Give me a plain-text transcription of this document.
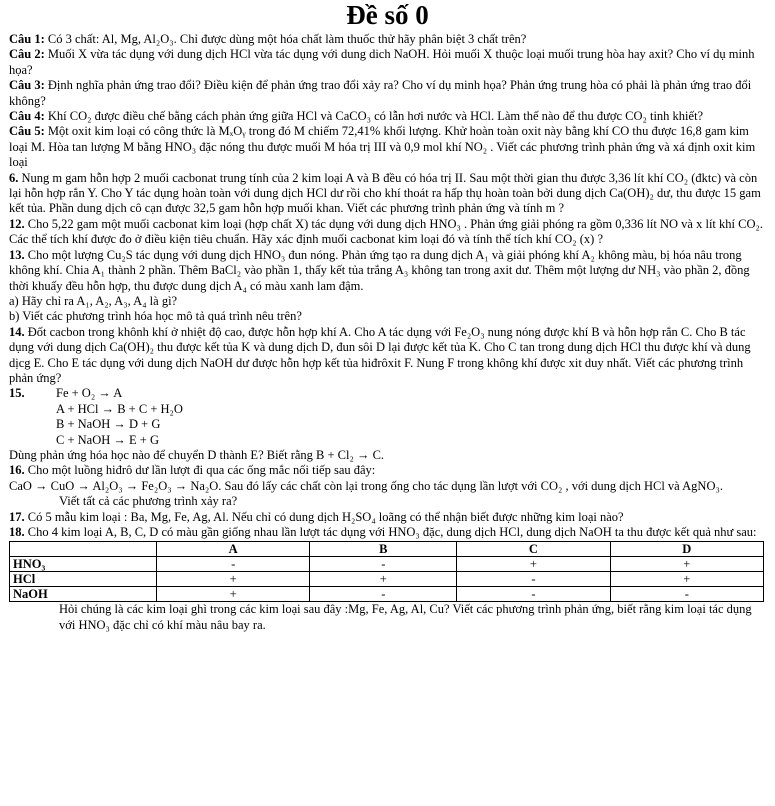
Đề số 0

Câu 1: Có 3 chất: Al, Mg, Al₂O₃. Chỉ được dùng một hóa chất làm thuốc thử hãy phân biệt 3 chất trên?

Câu 2: Muối X vừa tác dụng với dung dịch HCl vừa tác dụng với dung dich NaOH. Hỏi muối X thuộc loại muối trung hòa hay axit? Cho ví dụ minh họa?

Câu 3: Định nghĩa phản ứng trao đổi? Điều kiện để phản ứng trao đổi xảy ra? Cho ví dụ minh họa? Phản ứng trung hòa có phải là phản ứng trao đổi không?

Câu 4: Khí CO₂ được điều chế bằng cách phản ứng giữa HCl và CaCO₃ có lẫn hơi nước và HCl. Làm thế nào để thu được CO₂ tinh khiết?

Câu 5: Một oxit kim loại có công thức là MₓOᵧ trong đó M chiếm 72,41% khối lượng. Khử hoàn toàn oxit này bằng khí CO thu được 16,8 gam kim loại M. Hòa tan lượng M bằng HNO₃ đặc nóng thu được muối M hóa trị III và 0,9 mol khí NO₂ . Viết các phương trình phản ứng và xá định oxit kim loại

6. Nung m gam hỗn hợp 2 muối cacbonat trung tính của 2 kim loại A và B đều có hóa trị II. Sau một thời gian thu được 3,36 lít khí CO₂ (đktc) và còn lại hỗn hợp rắn Y. Cho Y tác dụng hoàn toàn với dung dịch HCl dư rồi cho khí thoát ra hấp thụ hoàn toàn bởi dung dịch Ca(OH)₂ dư, thu được 15 gam kết tủa. Phần dung dịch cô cạn được 32,5 gam hỗn hợp muối khan. Viết các phương trình phản ứng và tính m ?

12. Cho 5,22 gam một muối cacbonat kim loại (hợp chất X) tác dụng với dung dịch HNO₃ . Phản ứng giải phóng ra gồm 0,336 lít NO và x lít khí CO₂. Các thể tích khí được đo ở điều kiện tiêu chuẩn. Hãy xác định muối cacbonat kim loại đó và tính thể tích khí CO₂ (x) ?

13. Cho một lượng Cu₂S tác dụng với dung dịch HNO₃ đun nóng. Phản ứng tạo ra dung dịch A₁ và giải phóng khí A₂ không màu, bị hóa nâu trong không khí. Chia A₁ thành 2 phần. Thêm BaCl₂ vào phần 1, thấy kết tủa trắng A₃ không tan trong axit dư. Thêm một lượng dư NH₃ vào phần 2, đồng thời khuấy đều hỗn hợp, thu được dung dịch A₄ có màu xanh lam đậm.

a) Hãy chỉ ra A₁, A₂, A₃, A₄ là gì?

b) Viết các phương trình hóa học mô tả quá trình nêu trên?

14. Đốt cacbon trong khônh khí ở nhiệt độ cao, được hỗn hợp khí A. Cho A tác dụng với Fe₂O₃ nung nóng được khí B và hỗn hợp rắn C. Cho B tác dụng với dung dịch Ca(OH)₂ thu được kết tủa K và dung dịch D, đun sôi D lại được kết tủa K. Cho C tan trong dung dịch HCl thu được khí và dung dịcg E. Cho E tác dụng với dung dịch NaOH dư được hỗn hợp kết tủa hiđrôxit F. Nung F trong không khí được xit duy nhất. Viết các phương trình phản ứng?

15.	Fe + O₂ → A

A + HCl → B + C + H₂O

B + NaOH → D + G

C + NaOH → E + G

Dùng phản ứng hóa học nào để chuyển D thành E? Biết rằng B + Cl₂ → C.

16. Cho một luồng hiđrô dư lần lượt đi qua các ống mắc nối tiếp sau đây:

CaO → CuO → Al₂O₃ → Fe₂O₃ → Na₂O. Sau đó lấy các chất còn lại trong ống cho tác dụng lần lượt với CO₂ , với dung dịch HCl và AgNO₃.

Viết tất cả các phương trình xảy ra?

17. Có 5 mẫu kim loại : Ba, Mg, Fe, Ag, Al. Nếu chỉ có dung dịch H₂SO₄ loãng có thể nhận biết được những kim loại nào?

18. Cho 4 kim loại A, B, C, D có màu gần giống nhau lần lượt tác dụng với HNO₃ đặc, dung dịch HCl, dung dịch NaOH ta thu được kết quả như sau:

	A	B	C	D
HNO₃	-	-	+	+
HCl	+	+	-	+
NaOH	+	-	-	-

Hỏi chúng là các kim loại ghì trong các kim loại sau đây :Mg, Fe, Ag, Al, Cu? Viết các phương trình phản ứng, biết rằng kim loại tác dụng với HNO₃ đặc chỉ có khí màu nâu bay ra.
